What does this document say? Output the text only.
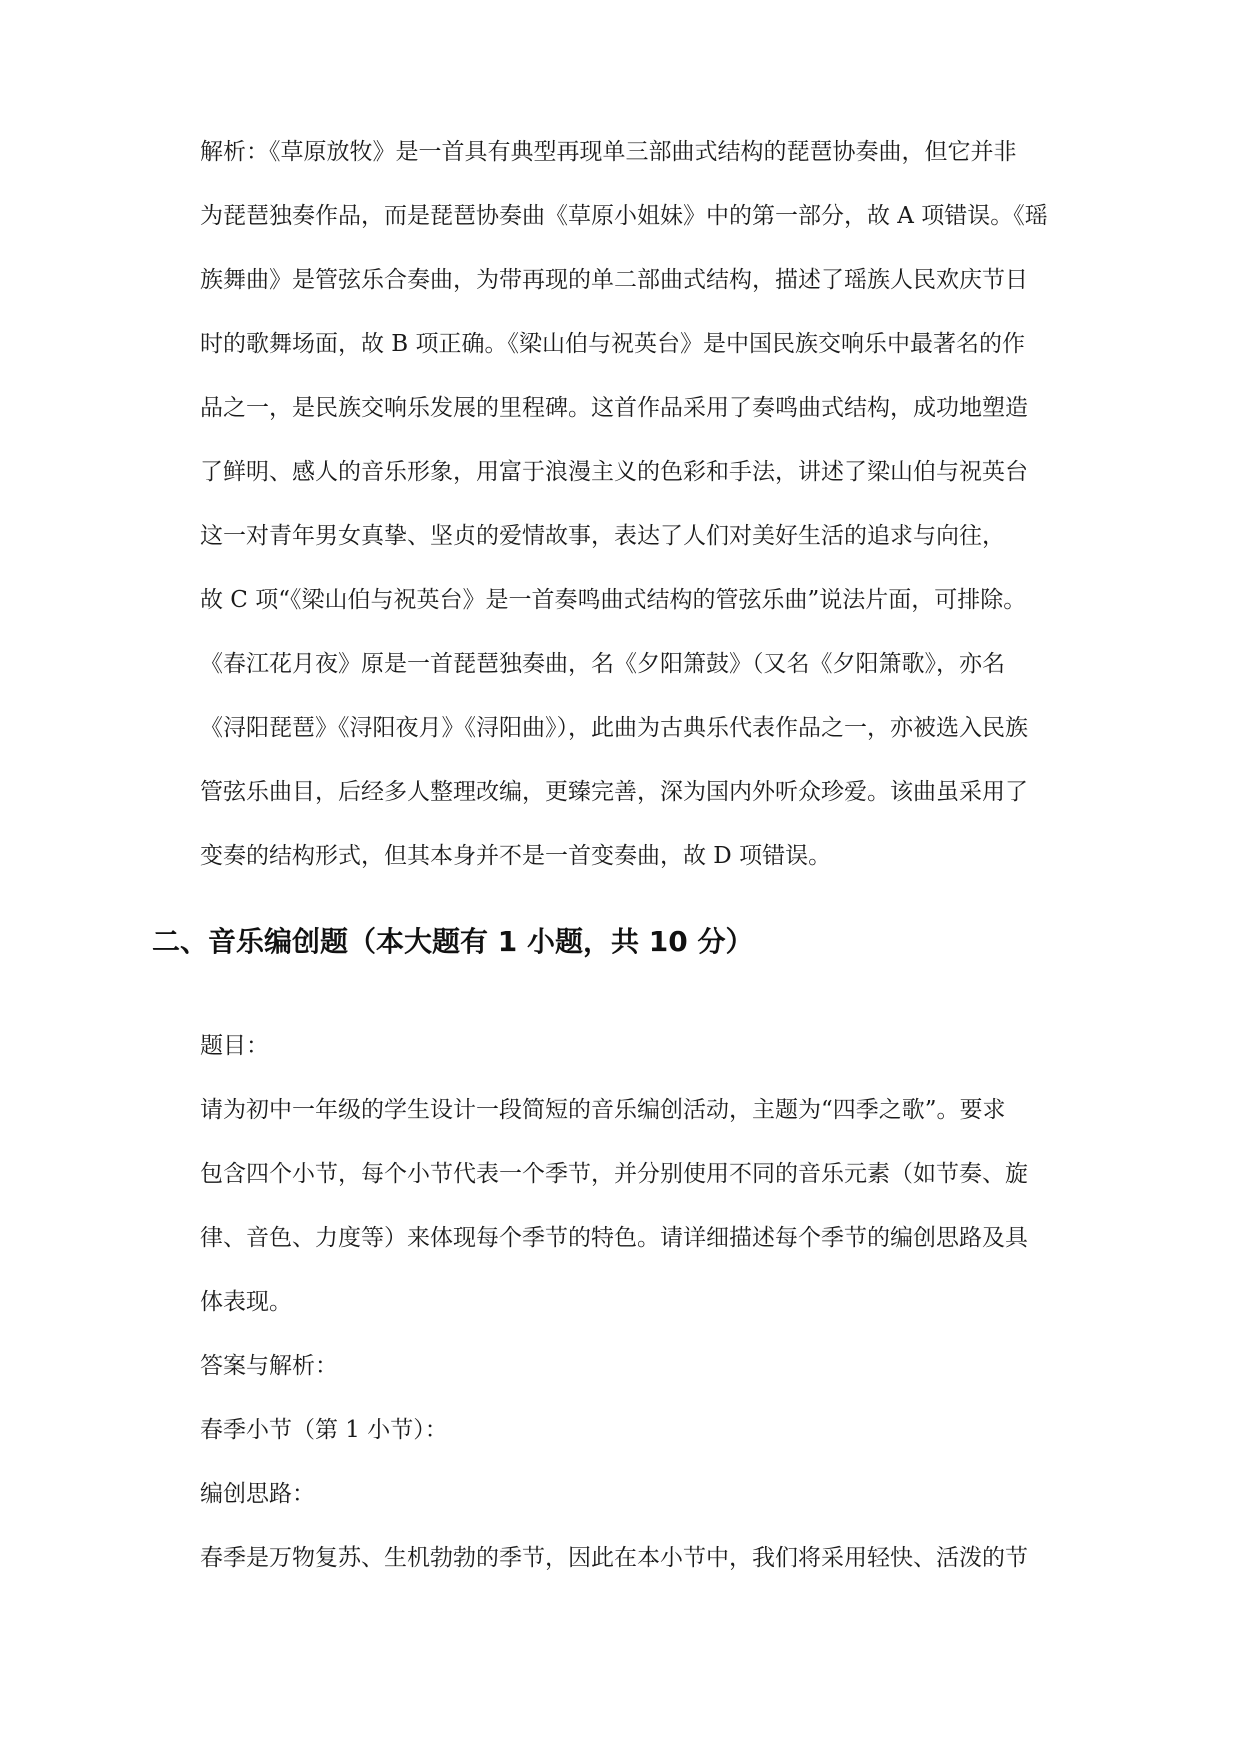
解析：《草原放牧》是一首具有典型再现单三部曲式结构的琵琶协奏曲，但它并非
为琵琶独奏作品，而是琵琶协奏曲《草原小姐妹》中的第一部分，故 A 项错误。《瑶
族舞曲》是管弦乐合奏曲，为带再现的单二部曲式结构，描述了瑶族人民欢庆节日
时的歌舞场面，故 B 项正确。《梁山伯与祝英台》是中国民族交响乐中最著名的作
品之一，是民族交响乐发展的里程碑。这首作品采用了奏鸣曲式结构，成功地塑造
了鲜明、感人的音乐形象，用富于浪漫主义的色彩和手法，讲述了梁山伯与祝英台
这一对青年男女真挚、坚贞的爱情故事，表达了人们对美好生活的追求与向往，
故 C 项“《梁山伯与祝英台》是一首奏鸣曲式结构的管弦乐曲”说法片面，可排除。
《春江花月夜》原是一首琵琶独奏曲，名《夕阳箫鼓》（又名《夕阳箫歌》，亦名
《浔阳琵琶》《浔阳夜月》《浔阳曲》），此曲为古典乐代表作品之一，亦被选入民族
管弦乐曲目，后经多人整理改编，更臻完善，深为国内外听众珍爱。该曲虽采用了
变奏的结构形式，但其本身并不是一首变奏曲，故 D 项错误。
二、音乐编创题（本大题有 1 小题，共 10 分）
题目：
请为初中一年级的学生设计一段简短的音乐编创活动，主题为“四季之歌”。要求
包含四个小节，每个小节代表一个季节，并分别使用不同的音乐元素（如节奏、旋
律、音色、力度等）来体现每个季节的特色。请详细描述每个季节的编创思路及具
体表现。
答案与解析：
春季小节（第 1 小节）：
编创思路：
春季是万物复苏、生机勃勃的季节，因此在本小节中，我们将采用轻快、活泼的节
